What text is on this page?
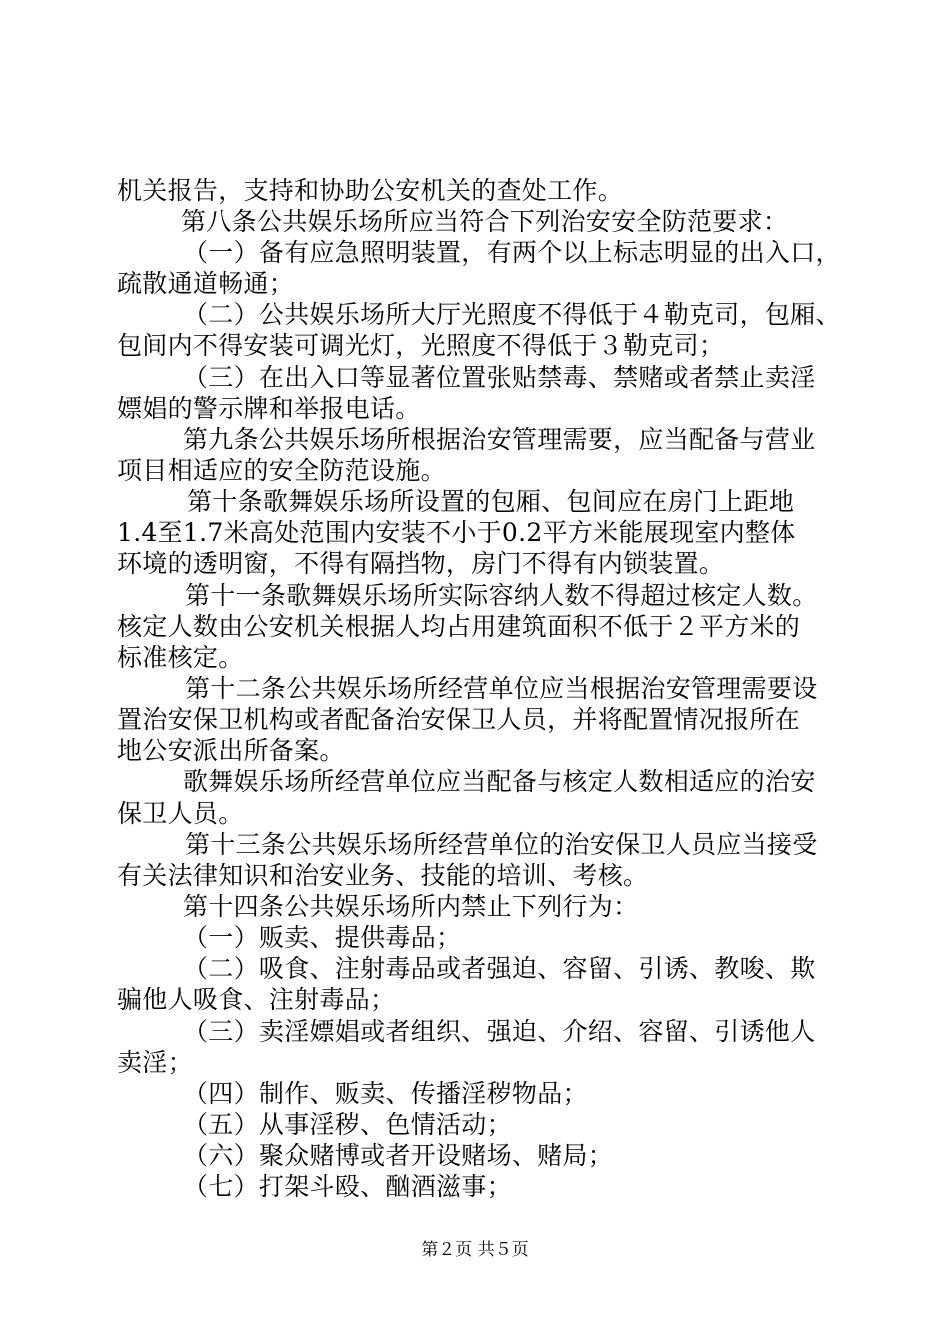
机关报告，支持和协助公安机关的查处工作。
第八条公共娱乐场所应当符合下列治安安全防范要求：
（一）备有应急照明装置，有两个以上标志明显的出入口，
疏散通道畅通；
（二）公共娱乐场所大厅光照度不得低于４勒克司，包厢、
包间内不得安装可调光灯，光照度不得低于３勒克司；
（三）在出入口等显著位置张贴禁毒、禁赌或者禁止卖淫
嫖娼的警示牌和举报电话。
第九条公共娱乐场所根据治安管理需要，应当配备与营业
项目相适应的安全防范设施。
第十条歌舞娱乐场所设置的包厢、包间应在房门上距地
1.4至1.7米高处范围内安装不小于0.2平方米能展现室内整体
环境的透明窗，不得有隔挡物，房门不得有内锁装置。
第十一条歌舞娱乐场所实际容纳人数不得超过核定人数。
核定人数由公安机关根据人均占用建筑面积不低于２平方米的
标准核定。
第十二条公共娱乐场所经营单位应当根据治安管理需要设
置治安保卫机构或者配备治安保卫人员，并将配置情况报所在
地公安派出所备案。
歌舞娱乐场所经营单位应当配备与核定人数相适应的治安
保卫人员。
第十三条公共娱乐场所经营单位的治安保卫人员应当接受
有关法律知识和治安业务、技能的培训、考核。
第十四条公共娱乐场所内禁止下列行为：
（一）贩卖、提供毒品；
（二）吸食、注射毒品或者强迫、容留、引诱、教唆、欺
骗他人吸食、注射毒品；
（三）卖淫嫖娼或者组织、强迫、介绍、容留、引诱他人
卖淫；
（四）制作、贩卖、传播淫秽物品；
（五）从事淫秽、色情活动；
（六）聚众赌博或者开设赌场、赌局；
（七）打架斗殴、酗酒滋事；
第２页 共５页
